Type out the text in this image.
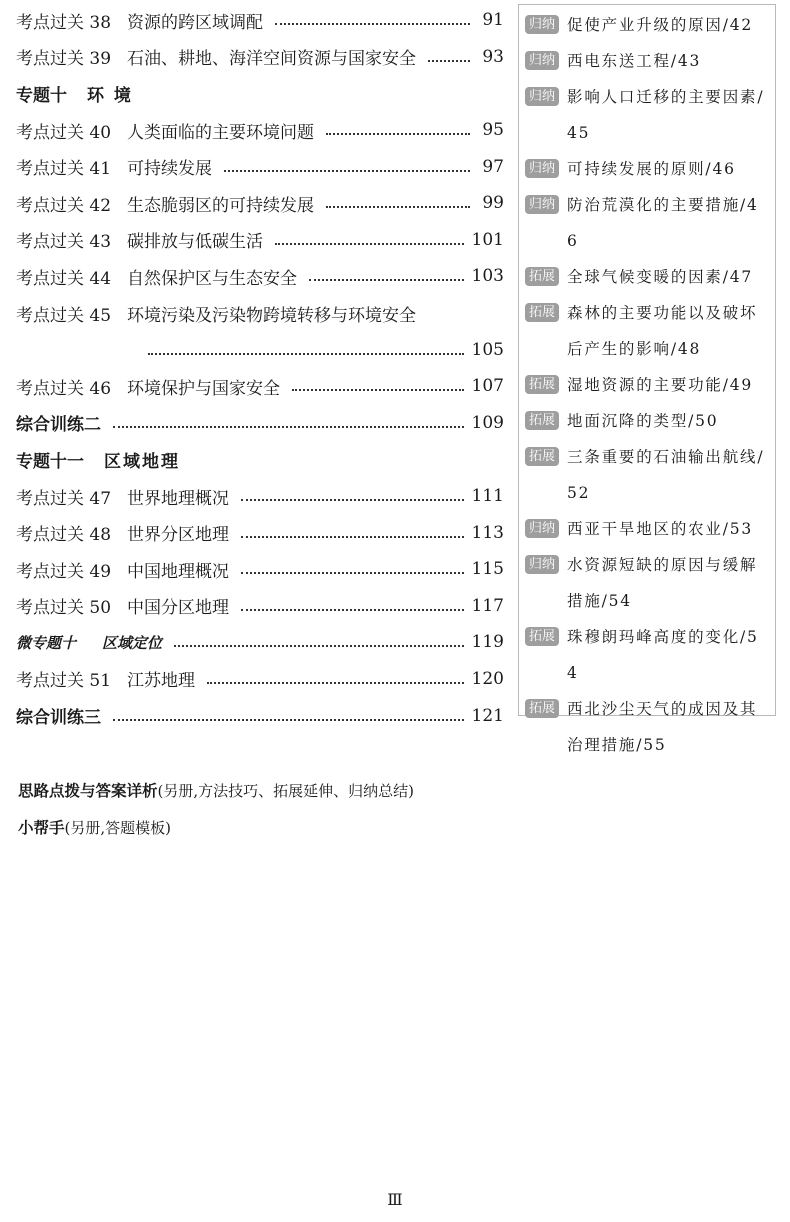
考点过关 38 资源的跨区域调配	91
考点过关 39 石油、耕地、海洋空间资源与国家安全	93
专题十 环 境
考点过关 40 人类面临的主要环境问题	95
考点过关 41 可持续发展	97
考点过关 42 生态脆弱区的可持续发展	99
考点过关 43 碳排放与低碳生活	101
考点过关 44 自然保护区与生态安全	103
考点过关 45 环境污染及污染物跨境转移与环境安全
105
考点过关 46 环境保护与国家安全	107
综合训练二	109
专题十一 区域地理
考点过关 47 世界地理概况	111
考点过关 48 世界分区地理	113
考点过关 49 中国地理概况	115
考点过关 50 中国分区地理	117
微专题十 区域定位	119
考点过关 51 江苏地理	120
综合训练三	121
归纳 促使产业升级的原因/42
归纳 西电东送工程/43
归纳 影响人口迁移的主要因素/45
归纳 可持续发展的原则/46
归纳 防治荒漠化的主要措施/46
拓展 全球气候变暖的因素/47
拓展 森林的主要功能以及破坏后产生的影响/48
拓展 湿地资源的主要功能/49
拓展 地面沉降的类型/50
拓展 三条重要的石油输出航线/52
归纳 西亚干旱地区的农业/53
归纳 水资源短缺的原因与缓解措施/54
拓展 珠穆朗玛峰高度的变化/54
拓展 西北沙尘天气的成因及其治理措施/55
思路点拨与答案详析(另册,方法技巧、拓展延伸、归纳总结)
小帮手(另册,答题模板)
Ⅲ
